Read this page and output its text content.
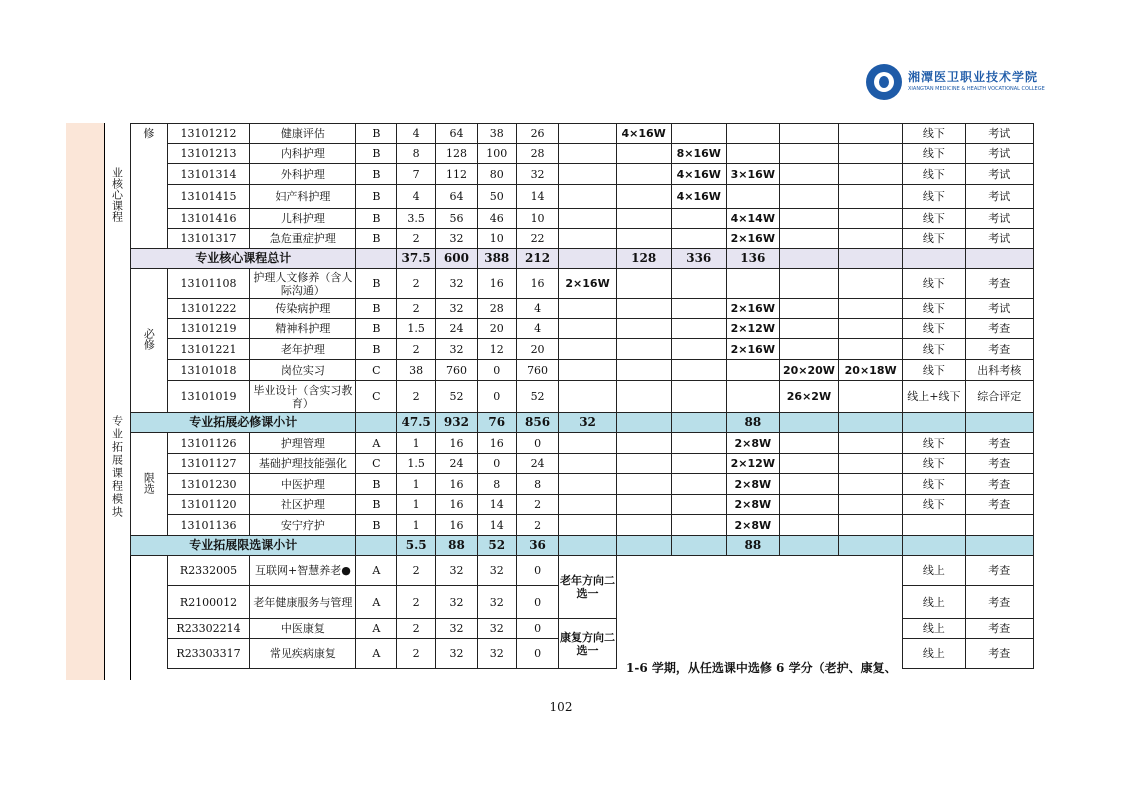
湘潭医卫职业技术学院
XIANGTAN MEDICINE & HEALTH VOCATIONAL COLLEGE
业核心课程	修	13101212	健康评估	B	4	64	38	26		4×16W					线下	考试
		13101213	内科护理	B	8	128	100	28			8×16W				线下	考试
		13101314	外科护理	B	7	112	80	32			4×16W	3×16W			线下	考试
		13101415	妇产科护理	B	4	64	50	14			4×16W				线下	考试
		13101416	儿科护理	B	3.5	56	46	10				4×14W			线下	考试
		13101317	急危重症护理	B	2	32	10	22				2×16W			线下	考试
	专业核心课程总计				37.5	600	388	212		128	336	136				
专业拓展课程模块	必修	13101108	护理人文修养（含人际沟通）	B	2	32	16	16	2×16W						线下	考查
		13101222	传染病护理	B	2	32	28	4				2×16W			线下	考试
		13101219	精神科护理	B	1.5	24	20	4				2×12W			线下	考查
		13101221	老年护理	B	2	32	12	20				2×16W			线下	考查
		13101018	岗位实习	C	38	760	0	760					20×20W	20×18W	线下	出科考核
		13101019	毕业设计（含实习教育）	C	2	52	0	52					26×2W		线上+线下	综合评定
	专业拓展必修课小计				47.5	932	76	856	32			88				
	限选	13101126	护理管理	A	1	16	16	0				2×8W			线下	考查
		13101127	基础护理技能强化	C	1.5	24	0	24				2×12W			线下	考查
		13101230	中医护理	B	1	16	8	8				2×8W			线下	考查
		13101120	社区护理	B	1	16	14	2				2×8W			线下	考查
		13101136	安宁疗护	B	1	16	14	2				2×8W				
	专业拓展限选课小计				5.5	88	52	36				88				
		R2332005	互联网+智慧养老●	A	2	32	32	0	老年方向二选一						线上	考查
		R2100012	老年健康服务与管理	A	2	32	32	0							线上	考查
		R23302214	中医康复	A	2	32	32	0	康复方向二选一						线上	考查
		R23303317	常见疾病康复	A	2	32	32	0							线上	考查
1-6 学期，从任选课中选修 6 学分（老护、康复、
102
